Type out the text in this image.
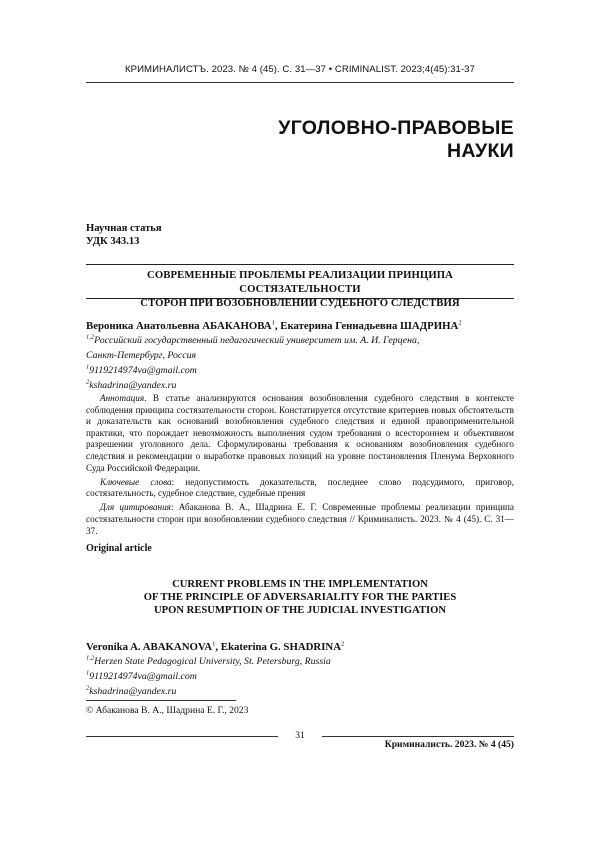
КРИМИНАЛИСТЪ. 2023. № 4 (45). С. 31—37 • CRIMINALIST. 2023;4(45):31-37
УГОЛОВНО-ПРАВОВЫЕ
НАУКИ
Научная статья
УДК 343.13
СОВРЕМЕННЫЕ ПРОБЛЕМЫ РЕАЛИЗАЦИИ ПРИНЦИПА СОСТЯЗАТЕЛЬНОСТИ
СТОРОН ПРИ ВОЗОБНОВЛЕНИИ СУДЕБНОГО СЛЕДСТВИЯ
Вероника Анатольевна АБАКАНОВА$^1$, Екатерина Геннадьевна ШАДРИНА$^2$
$^{1,2}$Российский государственный педагогический университет им. А. И. Герцена,
Санкт-Петербург, Россия
$^1$9119214974va@gmail.com
$^2$kshadrina@yandex.ru

Аннотация. В статье анализируются основания возобновления судебного следствия в контексте соблюдения принципа состязательности сторон. Констатируется отсутствие критериев новых обстоятельств и доказательств как оснований возобновления судебного следствия и единой правоприменительной практики, что порождает невозможность выполнения судом требования о всестороннем и объективном разрешении уголовного дела. Сформулированы требования к основаниям возобновления судебного следствия и рекомендации о выработке правовых позиций на уровне постановления Пленума Верховного Суда Российской Федерации.

Ключевые слова: недопустимость доказательств, последнее слово подсудимого, приговор, состязательность, судебное следствие, судебные прения

Для цитирования: Абаканова В. А., Шадрина Е. Г. Современные проблемы реализации принципа состязательности сторон при возобновлении судебного следствия // Криминалисть. 2023. № 4 (45). С. 31—37.

Original article
CURRENT PROBLEMS IN THE IMPLEMENTATION
OF THE PRINCIPLE OF ADVERSARIALITY FOR THE PARTIES
UPON RESUMPTIOIN OF THE JUDICIAL INVESTIGATION
Veronika A. ABAKANOVA$^1$, Ekaterina G. SHADRINA$^2$
$^{1,2}$Herzen State Pedagogical University, St. Petersburg, Russia
$^1$9119214974va@gmail.com
$^2$kshadrina@yandex.ru
© Абаканова В. А., Шадрина Е. Г., 2023
31
Криминалисть. 2023. № 4 (45)
